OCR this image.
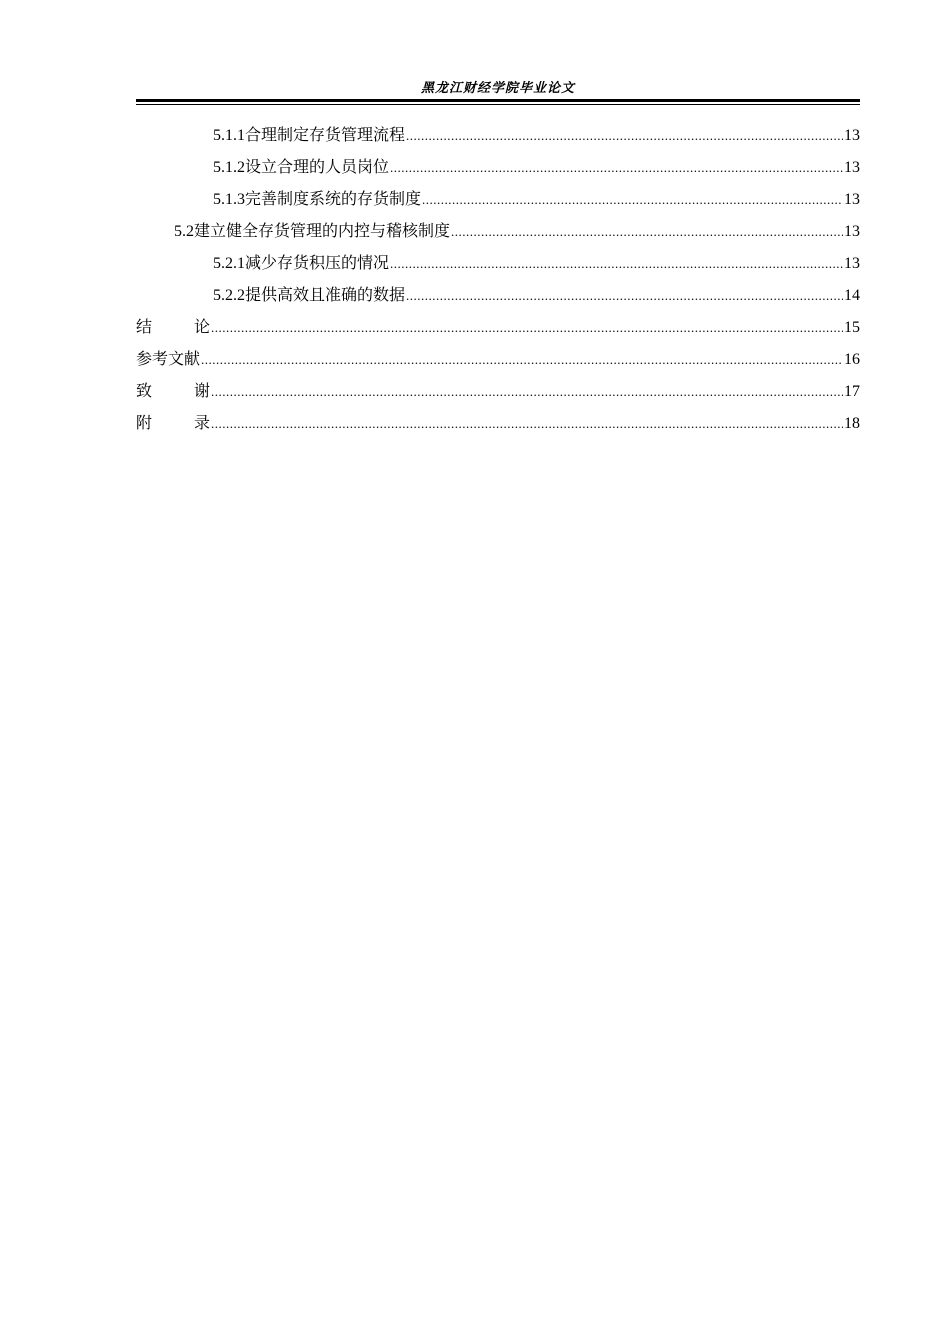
黑龙江财经学院毕业论文
5.1.1 合理制定存货管理流程 .....	13
5.1.2 设立合理的人员岗位 .....	13
5.1.3 完善制度系统的存货制度 .....	13
5.2 建立健全存货管理的内控与稽核制度 .....	13
5.2.1 减少存货积压的情况 .....	13
5.2.2 提供高效且准确的数据 .....	14
结	论 .....	15
参考文献 .....	16
致	谢 .....	17
附	录 .....	18
